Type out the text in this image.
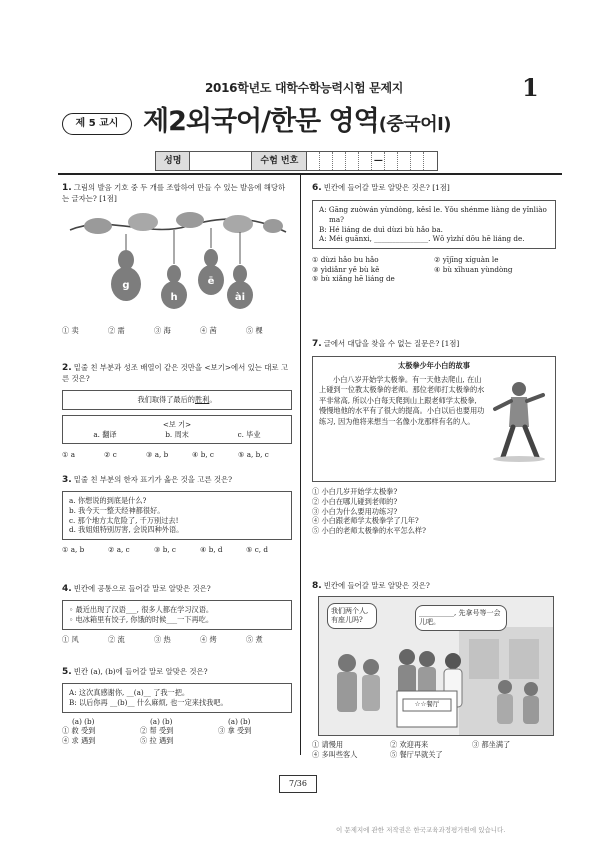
2016학년도 대학수학능력시험 문제지	1
제 5 교시 제2외국어/한문 영역(중국어Ⅰ)
성명	수험 번호	—
1. 그림의 발음 기호 중 두 개를 조합하여 만들 수 있는 발음에 해당하는 글자는? [1점]
g
h
ē
ài
① 卖	② 需	③ 海	④ 茜	⑤ 棵
2. 밑줄 친 부분과 성조 배열이 같은 것만을 <보기>에서 있는 대로 고른 것은?
我们取得了最后的胜利。
<보 기>
a. 翻译	b. 周末	c. 毕业
① a	② c	③ a, b	④ b, c	⑤ a, b, c
3. 밑줄 친 부분의 한자 표기가 옳은 것을 고른 것은?
a. 你想说的到底是什么?
b. 我今天一整天经神都很好。
c. 那个地方太危险了, 千万别过去!
d. 我姐姐特别厉害, 会说四种外语。
① a, b	② a, c	③ b, c	④ b, d	⑤ c, d
4. 빈칸에 공통으로 들어갈 말로 알맞은 것은?
◦ 最近出现了汉语___, 很多人都在学习汉语。
◦ 电冰箱里有饺子, 你饿的时候___一下再吃。
① 风	② 流	③ 热	④ 烤	⑤ 煮
5. 빈칸 (a), (b)에 들어갈 말로 알맞은 것은?
A: 这次真感谢你, __(a)__ 了我一把。
B: 以后你再 __(b)__ 什么麻烦, 也一定来找我吧。
(a) (b)	(a) (b)	(a) (b)
① 救 受到	② 帮 受到	③ 拿 受到
④ 求 遇到	⑤ 拉 遇到
6. 빈칸에 들어갈 말로 알맞은 것은? [1점]
A: Gāng zuòwán yùndòng, kěsǐ le. Yǒu shénme liàng de yǐnliào ma?
B: Hé liáng de duì dùzi bù hǎo ba.
A: Méi guānxi, _______________. Wǒ yìzhí dōu hē liáng de.
① dùzi hǎo bu hǎo	② yījīng xíguàn le
③ yìdiǎnr yě bù kě	④ bù xǐhuan yùndòng
⑤ bù xiǎng hē liáng de
7. 글에서 대답을 찾을 수 없는 질문은? [1점]
太极拳少年小白的故事
小白八岁开始学太极拳。有一天他去爬山, 在山上碰到一位教太极拳的老师。那位老师打太极拳的水平非常高, 所以小白每天爬到山上跟老师学太极拳, 慢慢地他的水平有了很大的提高。小白以后也要用功练习, 因为他将来想当一名像小龙那样有名的人。
① 小白几岁开始学太极拳?
② 小白在哪儿碰到老师的?
③ 小白为什么要用功练习?
④ 小白跟老师学太极拳学了几年?
⑤ 小白的老师太极拳的水平怎么样?
8. 빈칸에 들어갈 말로 알맞은 것은?
我们两个人, 有座儿吗?
__________, 先拿号等一会儿吧。
☆☆餐厅
① 请慢用	② 欢迎再来	③ 都坐满了
④ 多叫些客人	⑤ 餐厅早就关了
7/36
이 문제지에 관한 저작권은 한국교육과정평가원에 있습니다.
